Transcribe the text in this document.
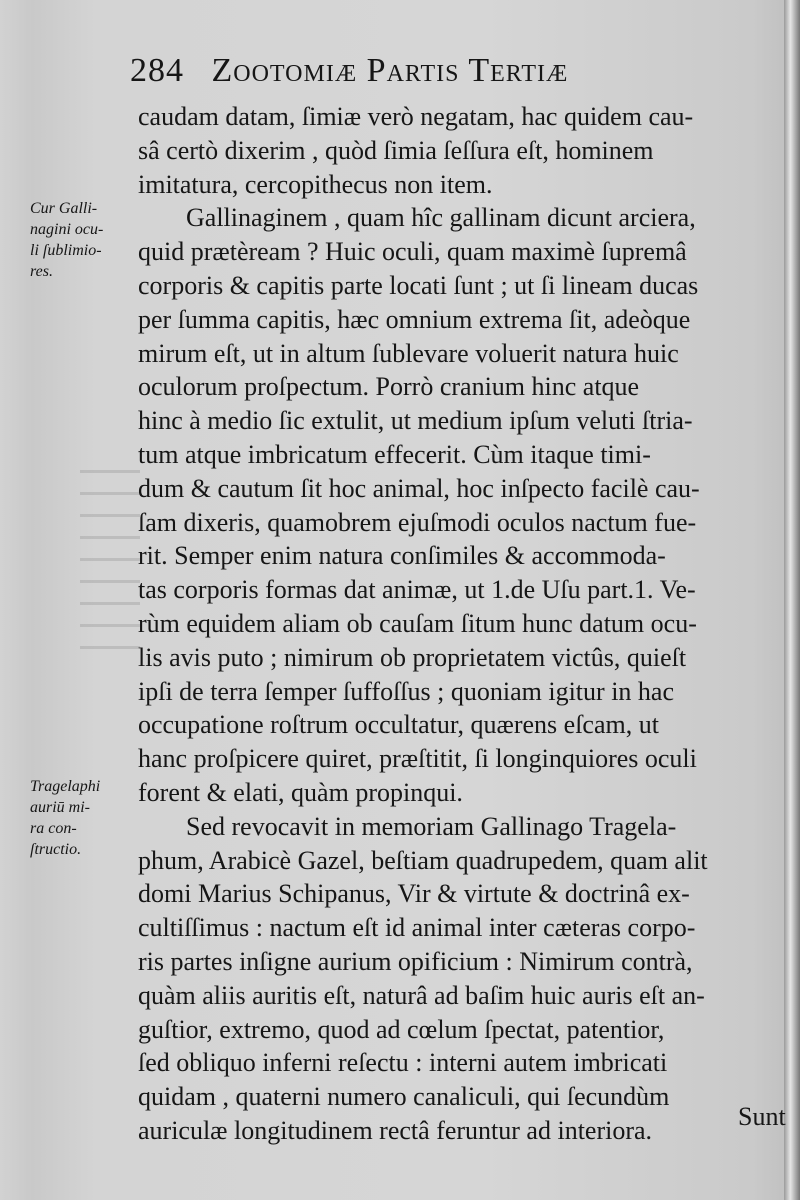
284 Zootomiæ Partis Tertiæ
caudam datam, ſimiæ verò negatam, hac quidem cau-
sâ certò dixerim , quòd ſimia ſeſſura eſt, hominem
imitatura, cercopithecus non item.
Gallinaginem , quam hîc gallinam dicunt arciera,
quid prætèream ? Huic oculi, quam maximè ſupremâ
corporis & capitis parte locati ſunt ; ut ſi lineam ducas
per ſumma capitis, hæc omnium extrema ſit, adeòque
mirum eſt, ut in altum ſublevare voluerit natura huic
oculorum proſpectum. Porrò cranium hinc atque
hinc à medio ſic extulit, ut medium ipſum veluti ſtria-
tum atque imbricatum effecerit. Cùm itaque timi-
dum & cautum ſit hoc animal, hoc inſpecto facilè cau-
ſam dixeris, quamobrem ejuſmodi oculos nactum fue-
rit. Semper enim natura conſimiles & accommoda-
tas corporis formas dat animæ, ut 1.de Uſu part.1. Ve-
rùm equidem aliam ob cauſam ſitum hunc datum ocu-
lis avis puto ; nimirum ob proprietatem victûs, quieſt
ipſi de terra ſemper ſuffoſſus ; quoniam igitur in hac
occupatione roſtrum occultatur, quærens eſcam, ut
hanc proſpicere quiret, præſtitit, ſi longinquiores oculi
forent & elati, quàm propinqui.
Sed revocavit in memoriam Gallinago Tragela-
phum, Arabicè Gazel, beſtiam quadrupedem, quam alit
domi Marius Schipanus, Vir & virtute & doctrinâ ex-
cultiſſimus : nactum eſt id animal inter cæteras corpo-
ris partes inſigne aurium opificium : Nimirum contrà,
quàm aliis auritis eſt, naturâ ad baſim huic auris eſt an-
guſtior, extremo, quod ad cœlum ſpectat, patentior,
ſed obliquo inferni reſectu : interni autem imbricati
quidam , quaterni numero canaliculi, qui ſecundùm
auriculæ longitudinem rectâ feruntur ad interiora.
Cur Galli-
nagini ocu-
li ſublimio-
res.
Tragelaphi
auriū mi-
ra con-
ſtructio.
Sunt
